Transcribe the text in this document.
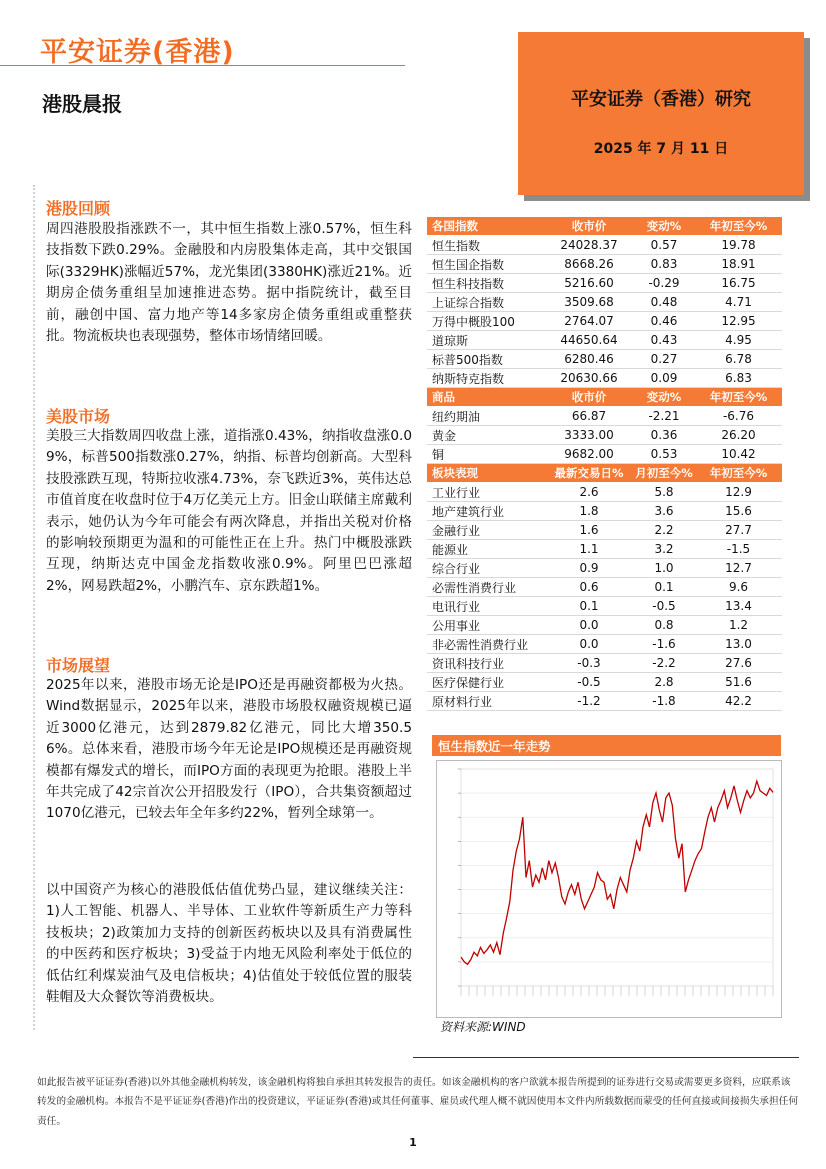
平安证券(香港)
港股晨报	平安证券（香港）研究
2025 年 7 月 11 日
港股回顾
周四港股股指涨跌不一，其中恒生指数上涨0.57%，恒生科技指数下跌0.29%。金融股和内房股集体走高，其中交银国际(3329HK)涨幅近57%，龙光集团(3380HK)涨近21%。近期房企债务重组呈加速推进态势。据中指院统计，截至目前，融创中国、富力地产等14多家房企债务重组或重整获批。物流板块也表现强势，整体市场情绪回暖。
美股市场
美股三大指数周四收盘上涨，道指涨0.43%，纳指收盘涨0.09%，标普500指数涨0.27%，纳指、标普均创新高。大型科技股涨跌互现，特斯拉收涨4.73%，奈飞跌近3%，英伟达总市值首度在收盘时位于4万亿美元上方。旧金山联储主席戴利表示，她仍认为今年可能会有两次降息，并指出关税对价格的影响较预期更为温和的可能性正在上升。热门中概股涨跌互现，纳斯达克中国金龙指数收涨0.9%。阿里巴巴涨超2%，网易跌超2%，小鹏汽车、京东跌超1%。
市场展望
2025年以来，港股市场无论是IPO还是再融资都极为火热。Wind数据显示，2025年以来，港股市场股权融资规模已逼近3000亿港元，达到2879.82亿港元，同比大增350.56%。总体来看，港股市场今年无论是IPO规模还是再融资规模都有爆发式的增长，而IPO方面的表现更为抢眼。港股上半年共完成了42宗首次公开招股发行（IPO），合共集资额超过1070亿港元，已较去年全年多约22%，暂列全球第一。
以中国资产为核心的港股低估值优势凸显，建议继续关注：1)人工智能、机器人、半导体、工业软件等新质生产力等科技板块；2)政策加力支持的创新医药板块以及具有消费属性的中医药和医疗板块；3)受益于内地无风险利率处于低位的低估红利煤炭油气及电信板块；4)估值处于较低位置的服装鞋帽及大众餐饮等消费板块。
各国指数	收市价	变动%	年初至今%
恒生指数	24028.37	0.57	19.78
恒生国企指数	8668.26	0.83	18.91
恒生科技指数	5216.60	-0.29	16.75
上证综合指数	3509.68	0.48	4.71
万得中概股100	2764.07	0.46	12.95
道琼斯	44650.64	0.43	4.95
标普500指数	6280.46	0.27	6.78
纳斯特克指数	20630.66	0.09	6.83
商品	收市价	变动%	年初至今%
纽约期油	66.87	-2.21	-6.76
黄金	3333.00	0.36	26.20
铜	9682.00	0.53	10.42
板块表现	最新交易日%	月初至今%	年初至今%
工业行业	2.6	5.8	12.9
地产建筑行业	1.8	3.6	15.6
金融行业	1.6	2.2	27.7
能源业	1.1	3.2	-1.5
综合行业	0.9	1.0	12.7
必需性消费行业	0.6	0.1	9.6
电讯行业	0.1	-0.5	13.4
公用事业	0.0	0.8	1.2
非必需性消费行业	0.0	-1.6	13.0
资讯科技行业	-0.3	-2.2	27.6
医疗保健行业	-0.5	2.8	51.6
原材料行业	-1.2	-1.8	42.2
恒生指数近一年走势
资料来源:WIND
如此报告被平证证券(香港)以外其他金融机构转发，该金融机构将独自承担其转发报告的责任。如该金融机构的客户欲就本报告所提到的证券进行交易或需要更多资料，应联系该转发的金融机构。本报告不是平证证券(香港)作出的投资建议，平证证券(香港)或其任何董事、雇员或代理人概不就因使用本文件内所载数据而蒙受的任何直接或间接损失承担任何责任。
1
